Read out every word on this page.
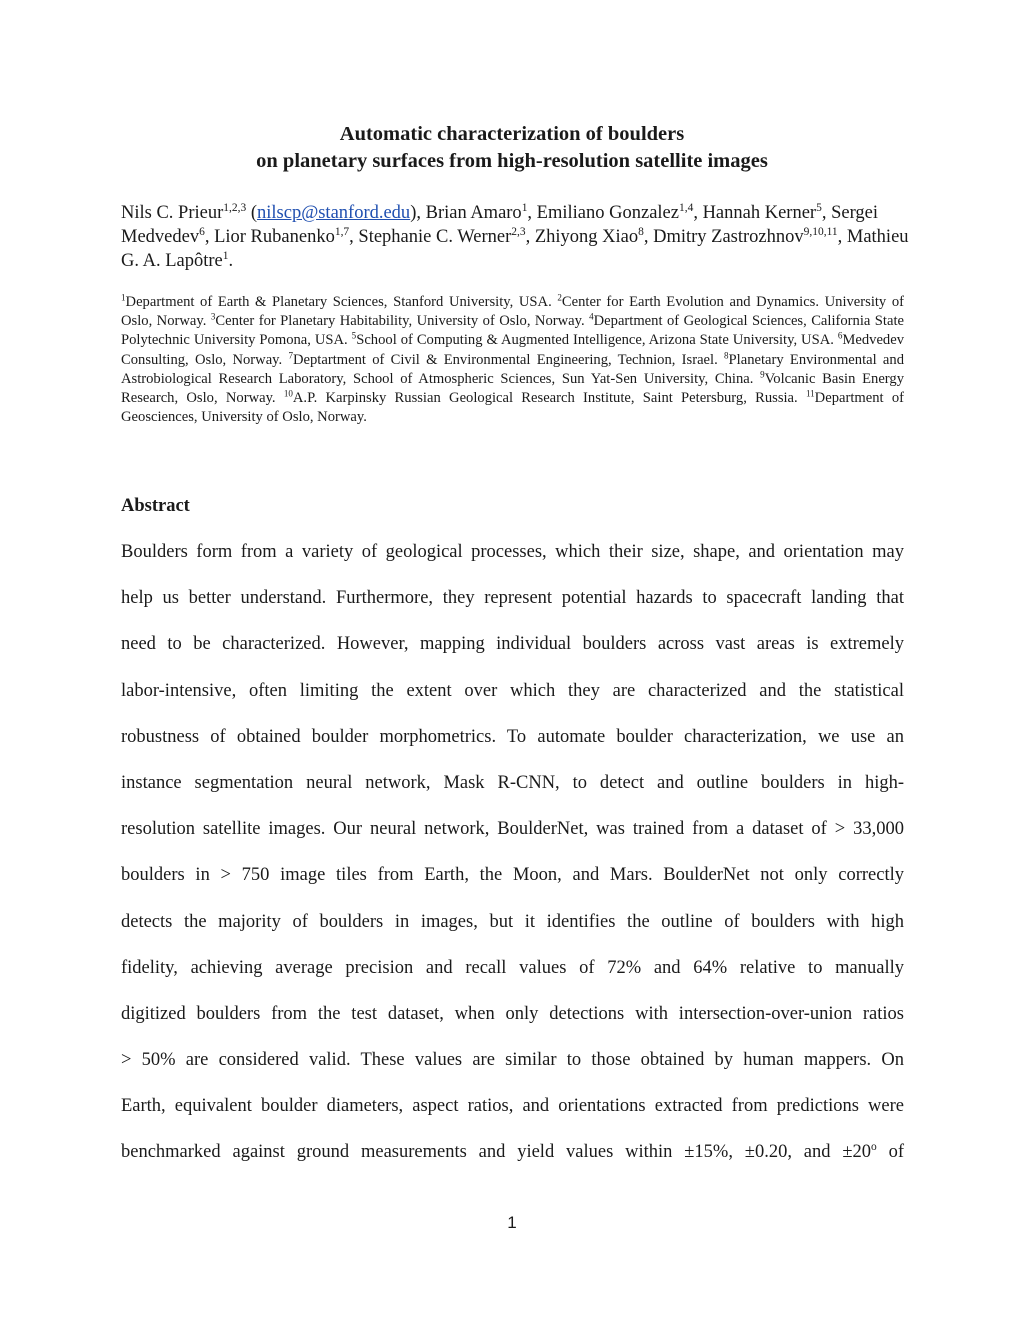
Automatic characterization of boulders
on planetary surfaces from high-resolution satellite images
Nils C. Prieur$^{1,2,3}$ (nilscp@stanford.edu), Brian Amaro$^1$, Emiliano Gonzalez$^{1,4}$, Hannah Kerner$^5$, Sergei Medvedev$^6$, Lior Rubanenko$^{1,7}$, Stephanie C. Werner$^{2,3}$, Zhiyong Xiao$^8$, Dmitry Zastrozhnov$^{9,10,11}$, Mathieu G. A. Lapôtre$^1$.
$^1$Department of Earth & Planetary Sciences, Stanford University, USA. $^2$Center for Earth Evolution and Dynamics. University of Oslo, Norway. $^3$Center for Planetary Habitability, University of Oslo, Norway. $^4$Department of Geological Sciences, California State Polytechnic University Pomona, USA. $^5$School of Computing & Augmented Intelligence, Arizona State University, USA. $^6$Medvedev Consulting, Oslo, Norway. $^7$Deptartment of Civil & Environmental Engineering, Technion, Israel. $^8$Planetary Environmental and Astrobiological Research Laboratory, School of Atmospheric Sciences, Sun Yat-Sen University, China. $^9$Volcanic Basin Energy Research, Oslo, Norway. $^{10}$A.P. Karpinsky Russian Geological Research Institute, Saint Petersburg, Russia. $^{11}$Department of Geosciences, University of Oslo, Norway.
Abstract
Boulders form from a variety of geological processes, which their size, shape, and orientation may
help us better understand. Furthermore, they represent potential hazards to spacecraft landing that
need to be characterized. However, mapping individual boulders across vast areas is extremely
labor-intensive, often limiting the extent over which they are characterized and the statistical
robustness of obtained boulder morphometrics. To automate boulder characterization, we use an
instance segmentation neural network, Mask R-CNN, to detect and outline boulders in high-
resolution satellite images. Our neural network, BoulderNet, was trained from a dataset of > 33,000
boulders in > 750 image tiles from Earth, the Moon, and Mars. BoulderNet not only correctly
detects the majority of boulders in images, but it identifies the outline of boulders with high
fidelity, achieving average precision and recall values of 72% and 64% relative to manually
digitized boulders from the test dataset, when only detections with intersection-over-union ratios
> 50% are considered valid. These values are similar to those obtained by human mappers. On
Earth, equivalent boulder diameters, aspect ratios, and orientations extracted from predictions were
benchmarked against ground measurements and yield values within ±15%, ±0.20, and $\pm 20^o$ of
1
